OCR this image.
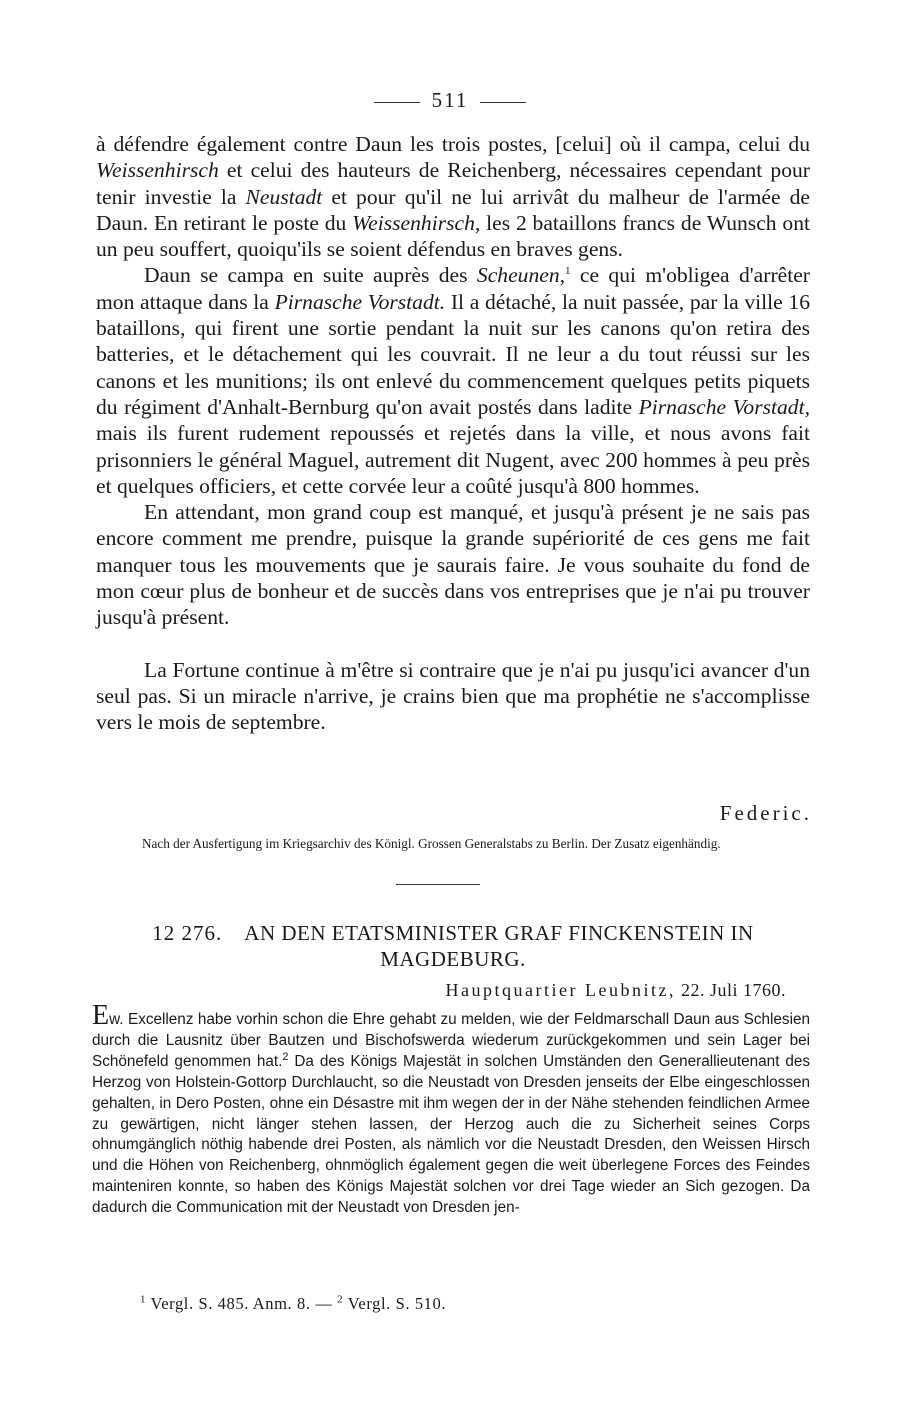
511

à défendre également contre Daun les trois postes, [celui] où il campa, celui du Weissenhirsch et celui des hauteurs de Reichenberg, nécessaires cependant pour tenir investie la Neustadt et pour qu'il ne lui arrivât du malheur de l'armée de Daun. En retirant le poste du Weissenhirsch, les 2 bataillons francs de Wunsch ont un peu souffert, quoiqu'ils se soient défendus en braves gens.

Daun se campa en suite auprès des Scheunen,$^1$ ce qui m'obligea d'arrêter mon attaque dans la Pirnasche Vorstadt. Il a détaché, la nuit passée, par la ville 16 bataillons, qui firent une sortie pendant la nuit sur les canons qu'on retira des batteries, et le détachement qui les couvrait. Il ne leur a du tout réussi sur les canons et les munitions; ils ont enlevé du commencement quelques petits piquets du régiment d'Anhalt-Bernburg qu'on avait postés dans ladite Pirnasche Vorstadt, mais ils furent rudement repoussés et rejetés dans la ville, et nous avons fait prisonniers le général Maguel, autrement dit Nugent, avec 200 hommes à peu près et quelques officiers, et cette corvée leur a coûté jusqu'à 800 hommes.

En attendant, mon grand coup est manqué, et jusqu'à présent je ne sais pas encore comment me prendre, puisque la grande supériorité de ces gens me fait manquer tous les mouvements que je saurais faire. Je vous souhaite du fond de mon cœur plus de bonheur et de succès dans vos entreprises que je n'ai pu trouver jusqu'à présent.

La Fortune continue à m'être si contraire que je n'ai pu jusqu'ici avancer d'un seul pas. Si un miracle n'arrive, je crains bien que ma prophétie ne s'accomplisse vers le mois de septembre.

Federic.
Nach der Ausfertigung im Kriegsarchiv des Königl. Grossen Generalstabs zu Berlin. Der Zusatz eigenhändig.
12 276. AN DEN ETATSMINISTER GRAF FINCKENSTEIN IN MAGDEBURG.
Hauptquartier Leubnitz, 22. Juli 1760.

Ew. Excellenz habe vorhin schon die Ehre gehabt zu melden, wie der Feldmarschall Daun aus Schlesien durch die Lausnitz über Bautzen und Bischofswerda wiederum zurückgekommen und sein Lager bei Schönefeld genommen hat.$^2$ Da des Königs Majestät in solchen Umständen den Generallieutenant des Herzog von Holstein-Gottorp Durchlaucht, so die Neustadt von Dresden jenseits der Elbe eingeschlossen gehalten, in Dero Posten, ohne ein Désastre mit ihm wegen der in der Nähe stehenden feindlichen Armee zu gewärtigen, nicht länger stehen lassen, der Herzog auch die zu Sicherheit seines Corps ohnumgänglich nöthig habende drei Posten, als nämlich vor die Neustadt Dresden, den Weissen Hirsch und die Höhen von Reichenberg, ohnmöglich également gegen die weit überlegene Forces des Feindes mainteniren konnte, so haben des Königs Majestät solchen vor drei Tage wieder an Sich gezogen. Da dadurch die Communication mit der Neustadt von Dresden jen-

$^1$ Vergl. S. 485. Anm. 8. — $^2$ Vergl. S. 510.
